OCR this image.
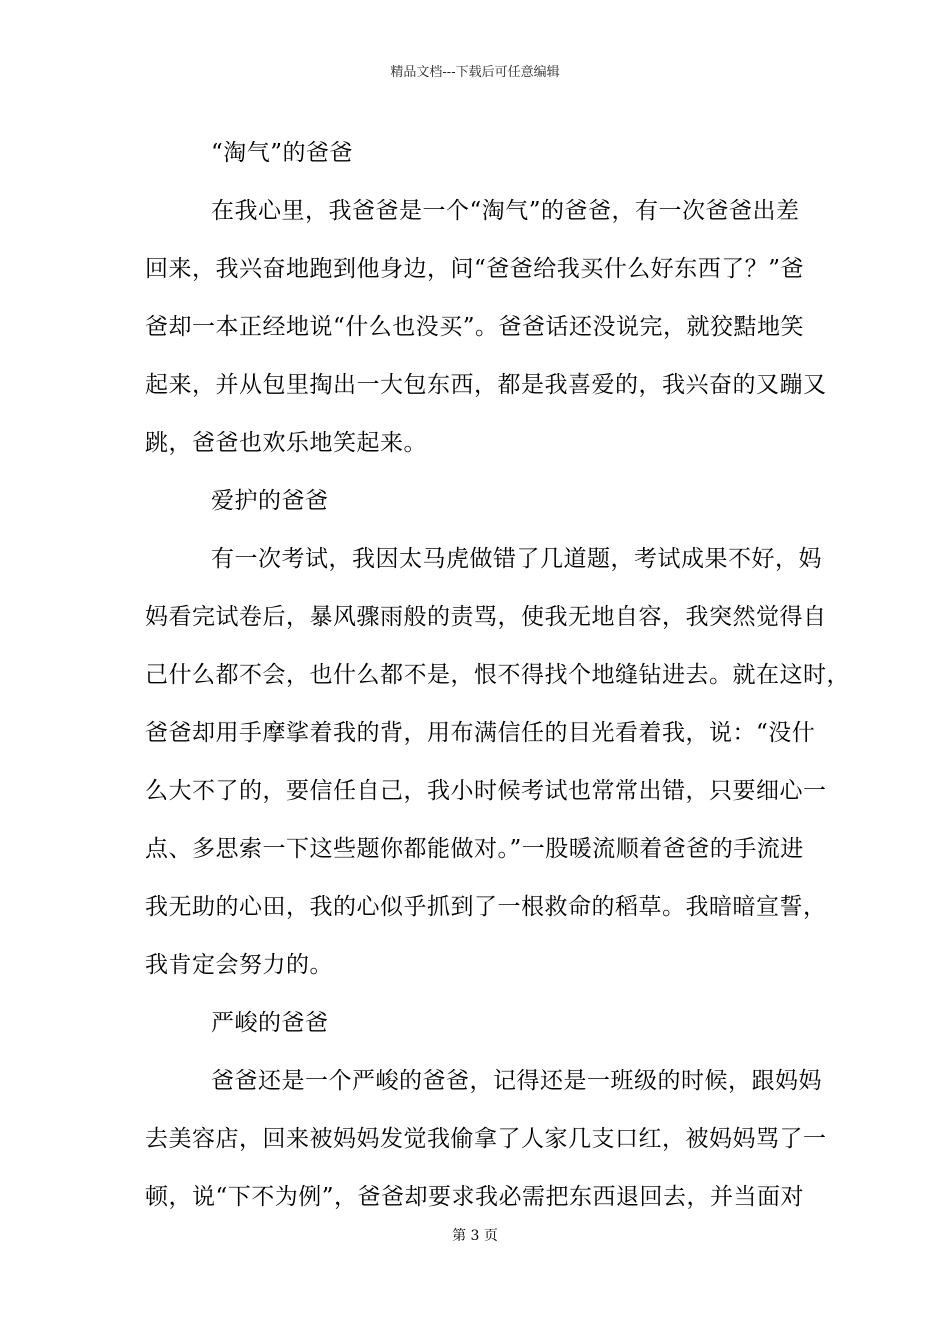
精品文档---下载后可任意编辑
“淘气”的爸爸
在我心里，我爸爸是一个“淘气”的爸爸，有一次爸爸出差
回来，我兴奋地跑到他身边，问“爸爸给我买什么好东西了？”爸
爸却一本正经地说“什么也没买”。爸爸话还没说完，就狡黠地笑
起来，并从包里掏出一大包东西，都是我喜爱的，我兴奋的又蹦又
跳，爸爸也欢乐地笑起来。
爱护的爸爸
有一次考试，我因太马虎做错了几道题，考试成果不好，妈
妈看完试卷后，暴风骤雨般的责骂，使我无地自容，我突然觉得自
己什么都不会，也什么都不是，恨不得找个地缝钻进去。就在这时，
爸爸却用手摩挲着我的背，用布满信任的目光看着我，说：“没什
么大不了的，要信任自己，我小时候考试也常常出错，只要细心一
点、多思索一下这些题你都能做对。”一股暖流顺着爸爸的手流进
我无助的心田，我的心似乎抓到了一根救命的稻草。我暗暗宣誓，
我肯定会努力的。
严峻的爸爸
爸爸还是一个严峻的爸爸，记得还是一班级的时候，跟妈妈
去美容店，回来被妈妈发觉我偷拿了人家几支口红，被妈妈骂了一
顿，说“下不为例”，爸爸却要求我必需把东西退回去，并当面对
第 3 页
